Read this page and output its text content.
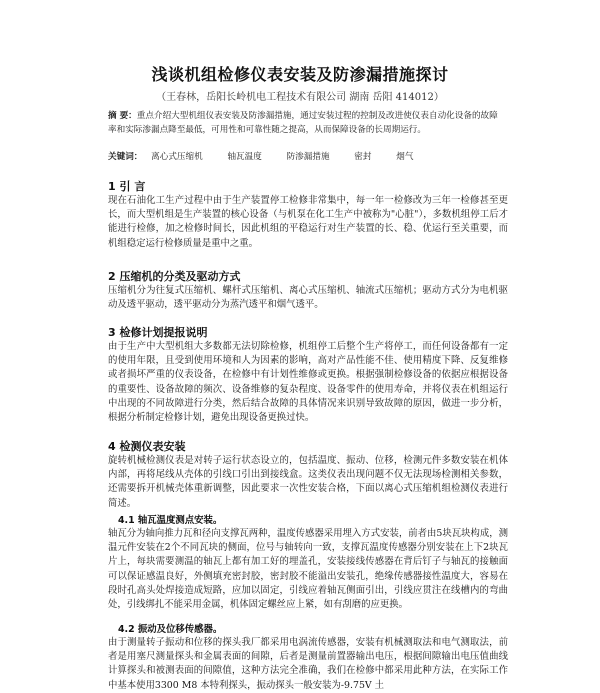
浅谈机组检修仪表安装及防渗漏措施探讨
（王春林，岳阳长岭机电工程技术有限公司 湖南 岳阳 414012）
摘 要：重点介绍大型机组仪表安装及防渗漏措施，通过安装过程的控制及改进使仪表自动化设备的故障率和实际渗漏点降至最低，可用性和可靠性随之提高，从而保障设备的长周期运行。
关键词： 离心式压缩机	轴瓦温度	防渗漏措施	密封	烟气
1 引 言
现在石油化工生产过程中由于生产装置停工检修非常集中，每一年一检修改为三年一检修甚至更长，而大型机组是生产装置的核心设备（与机泵在化工生产中被称为"心脏"），多数机组停工后才能进行检修，加之检修时间长，因此机组的平稳运行对生产装置的长、稳、优运行至关重要，而机组稳定运行检修质量是重中之重。
2 压缩机的分类及驱动方式
压缩机分为往复式压缩机、螺杆式压缩机、离心式压缩机、轴流式压缩机；驱动方式分为电机驱动及透平驱动，透平驱动分为蒸汽透平和烟气透平。
3 检修计划提报说明
由于生产中大型机组大多数都无法切除检修，机组停工后整个生产将停工，而任何设备都有一定的使用年限，且受到使用环境和人为因素的影响，高对产品性能不佳、使用精度下降、反复维修或者损坏严重的仪表设备，在检修中有计划性维修或更换。根据强制检修设备的依据应根据设备的重要性、设备故障的频次、设备维修的复杂程度、设备零件的使用寿命，并将仪表在机组运行中出现的不同故障进行分类，然后结合故障的具体情况来识别导致故障的原因，做进一步分析，根据分析制定检修计划，避免出现设备更换过快。
4 检测仪表安装
旋转机械检测仪表是对转子运行状态设立的，包括温度、振动、位移，检测元件多数安装在机体内部，再将尾线从壳体的引线口引出到接线盒。这类仪表出现问题不仅无法现场检测相关参数，还需要拆开机械壳体重新调整，因此要求一次性安装合格，下面以离心式压缩机组检测仪表进行简述。
4.1 轴瓦温度测点安装。
轴瓦分为轴向推力瓦和径向支撑瓦两种，温度传感器采用埋入方式安装，前者由5块瓦块构成，测温元件安装在2个不同瓦块的侧面，位号与轴转向一致，支撑瓦温度传感器分别安装在上下2块瓦片上，每块需要测温的轴瓦上都有加工好的埋盖孔，安装接线传感器在背后钉子与轴瓦的接触面可以保证感温良好，外侧填充密封胶，密封胶不能溢出安装孔，绝缘传感器接性温度大，容易在段时孔高头处焊接造成短路，应加以固定，引线应着轴瓦侧面引出，引线应贯注在线槽内的弯曲处，引线绑扎不能采用金属，机体固定螺丝应上紧，如有刮磨的应更换。
4.2 振动及位移传感器。
由于测量转子振动和位移的探头我厂都采用电涡流传感器，安装有机械测取法和电气测取法，前者是用塞尺测量探头和金属表面的间隙，后者是测量前置器输出电压，根据间隙输出电压值曲线计算探头和被测表面的间隙值，这种方法完全准确，我们在检修中都采用此种方法，在实际工作中基本使用3300 M8 本特利探头，振动探头一般安装为-9.75V 土
